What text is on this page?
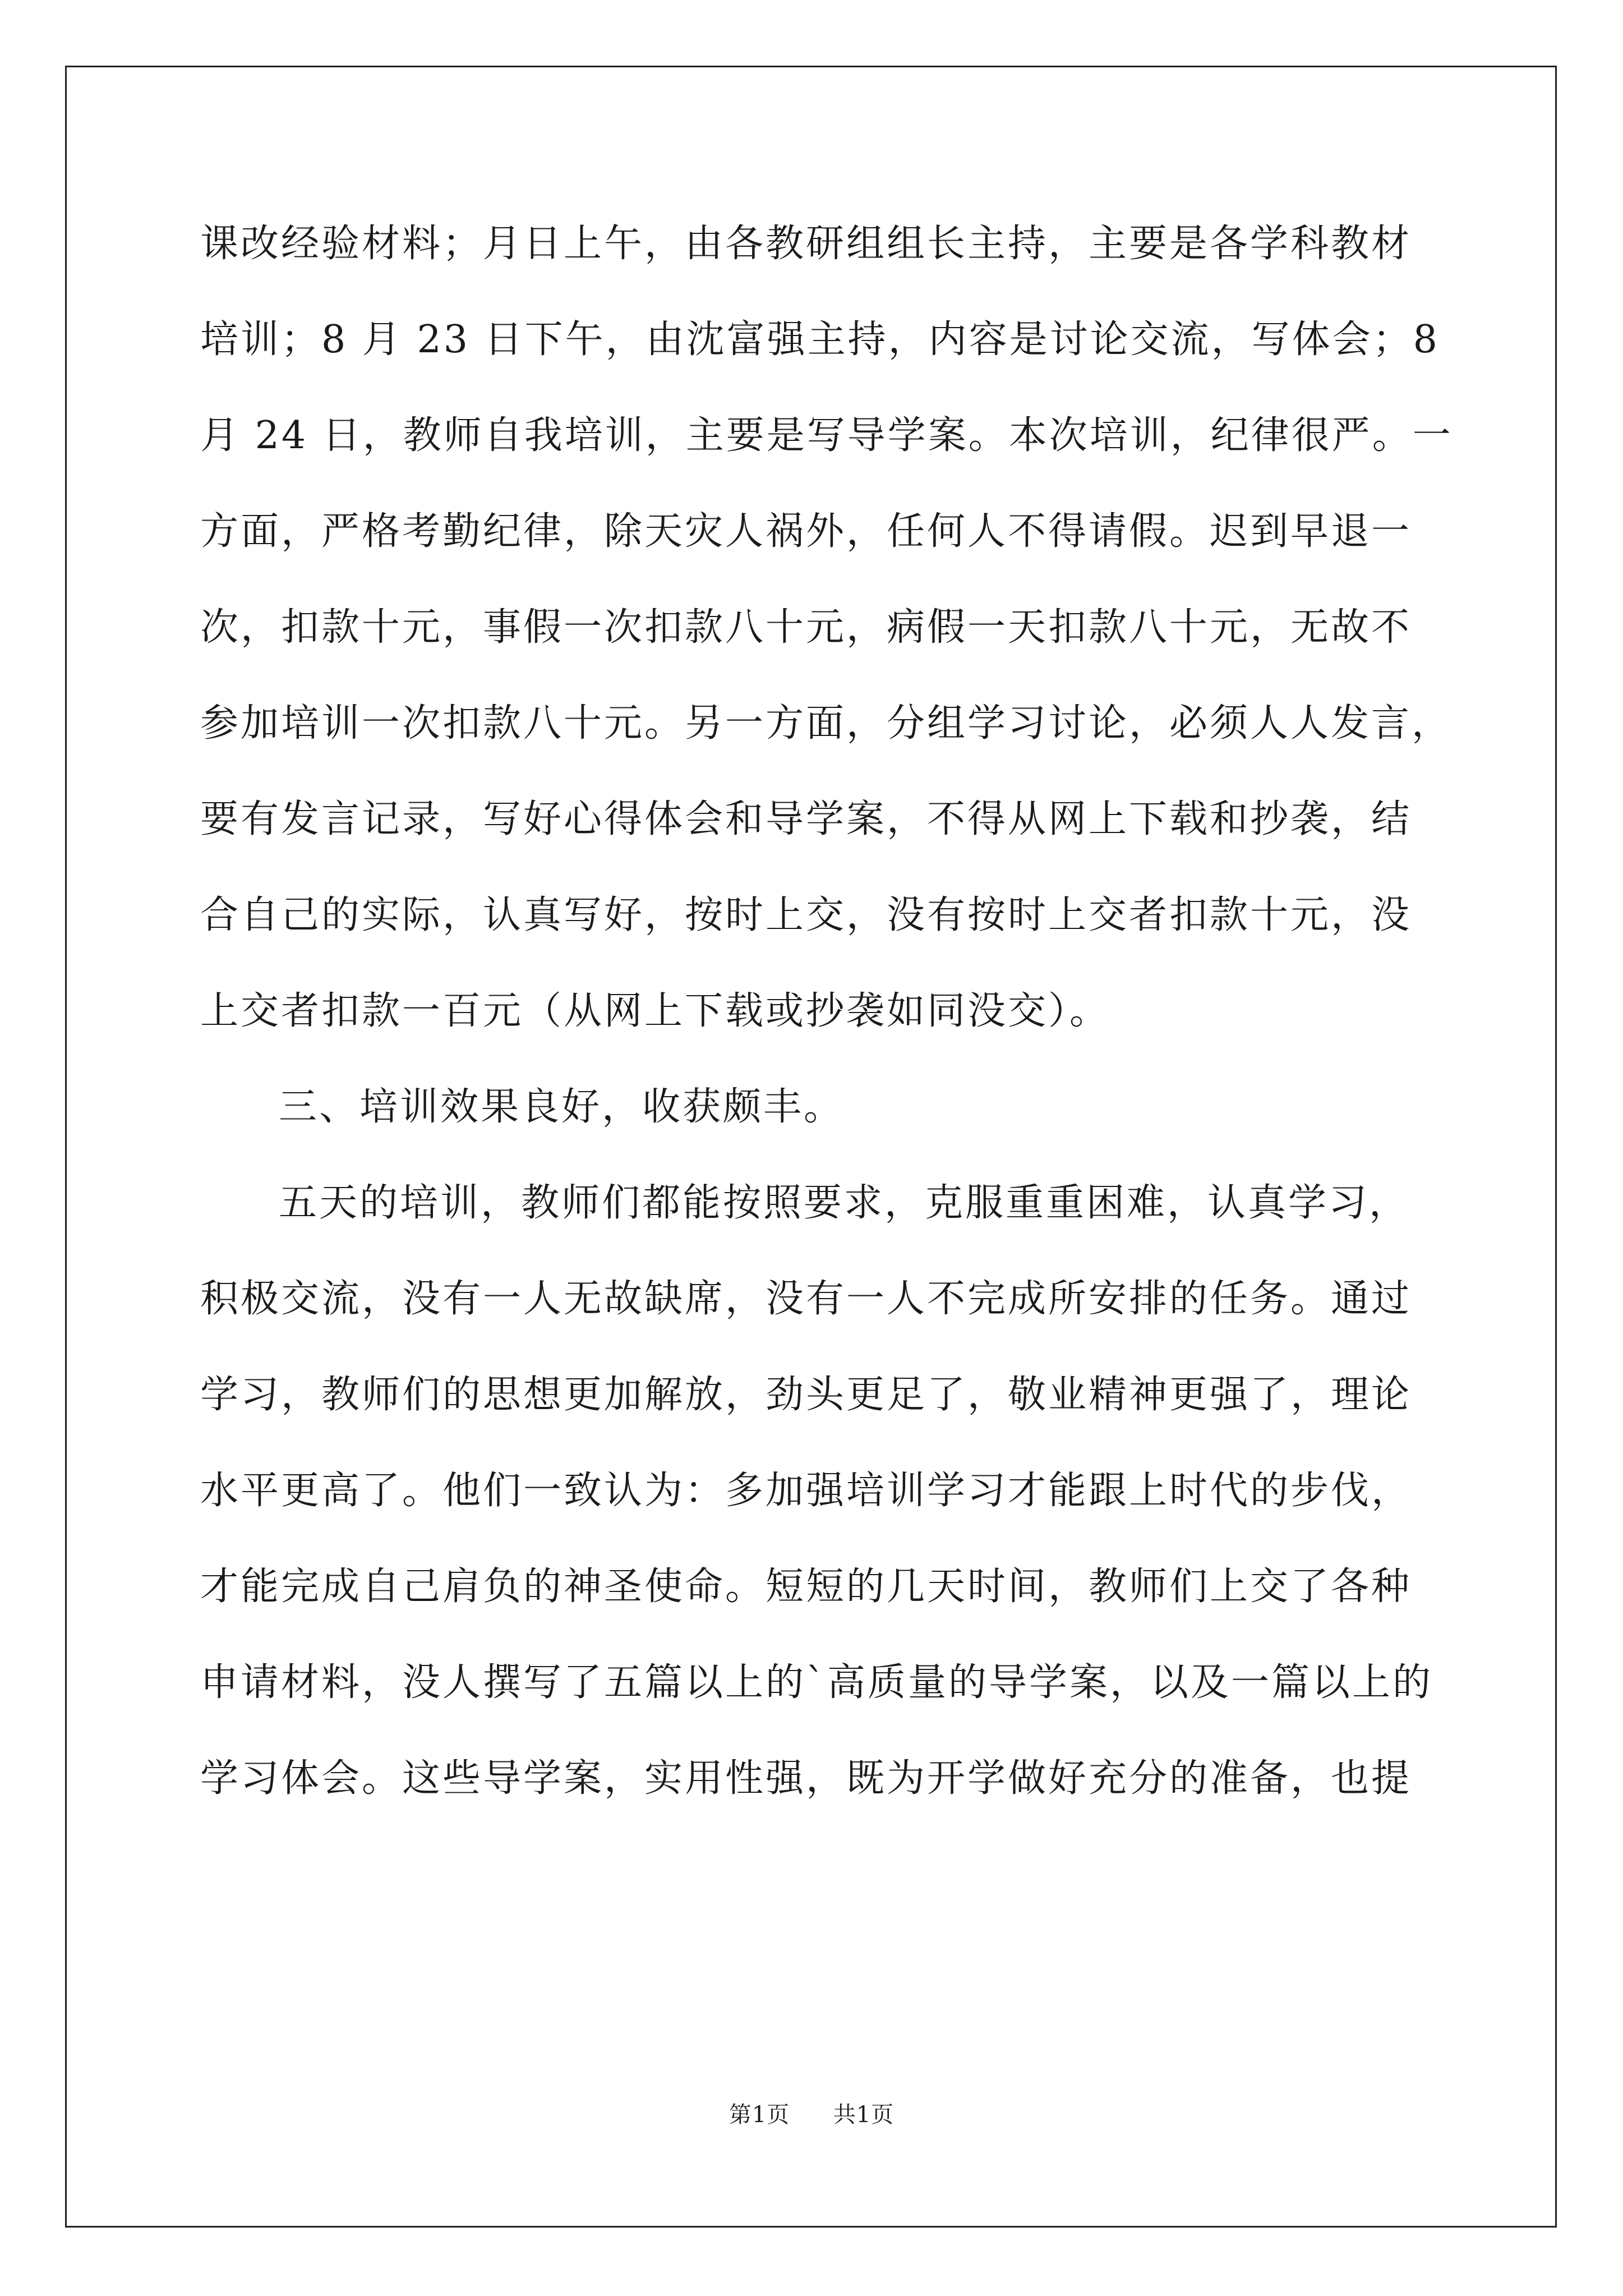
课改经验材料；月日上午，由各教研组组长主持，主要是各学科教材
培训；8 月 23 日下午，由沈富强主持，内容是讨论交流，写体会；8
月 24 日，教师自我培训，主要是写导学案。本次培训，纪律很严。一
方面，严格考勤纪律，除天灾人祸外，任何人不得请假。迟到早退一
次，扣款十元，事假一次扣款八十元，病假一天扣款八十元，无故不
参加培训一次扣款八十元。另一方面，分组学习讨论，必须人人发言，
要有发言记录，写好心得体会和导学案，不得从网上下载和抄袭，结
合自己的实际，认真写好，按时上交，没有按时上交者扣款十元，没
上交者扣款一百元（从网上下载或抄袭如同没交）。
三、培训效果良好，收获颇丰。
五天的培训，教师们都能按照要求，克服重重困难，认真学习，
积极交流，没有一人无故缺席，没有一人不完成所安排的任务。通过
学习，教师们的思想更加解放，劲头更足了，敬业精神更强了，理论
水平更高了。他们一致认为：多加强培训学习才能跟上时代的步伐，
才能完成自己肩负的神圣使命。短短的几天时间，教师们上交了各种
申请材料，没人撰写了五篇以上的`高质量的导学案，以及一篇以上的
学习体会。这些导学案，实用性强，既为开学做好充分的准备，也提
第1页 共1页
